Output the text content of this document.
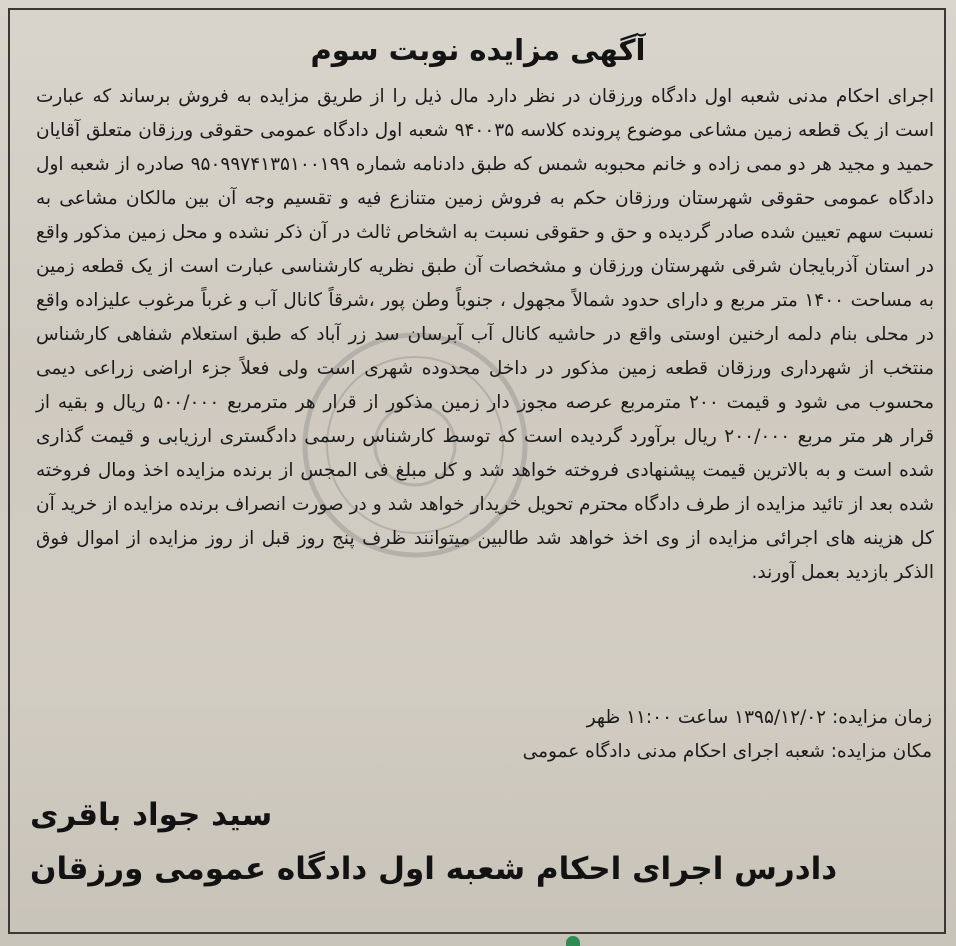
آگهی مزایده نوبت سوم

اجرای احکام مدنی شعبه اول دادگاه ورزقان در نظر دارد مال ذیل را از طریق مزایده به فروش برساند که عبارت است از یک قطعه زمین مشاعی موضوع پرونده کلاسه ۹۴۰۰۳۵ شعبه اول دادگاه عمومی حقوقی ورزقان متعلق آقایان حمید و مجید هر دو ممی زاده و خانم محبوبه شمس که طبق دادنامه شماره ۹۵۰۹۹۷۴۱۳۵۱۰۰۱۹۹ صادره از شعبه اول دادگاه عمومی حقوقی شهرستان ورزقان حکم به فروش زمین متنازع فیه و تقسیم وجه آن بین مالکان مشاعی به نسبت سهم تعیین شده صادر گردیده و حق و حقوقی نسبت به اشخاص ثالث در آن ذکر نشده و محل زمین مذکور واقع در استان آذربایجان شرقی شهرستان ورزقان و مشخصات آن طبق نظریه کارشناسی عبارت است از یک قطعه زمین به مساحت ۱۴۰۰ متر مربع و دارای حدود شمالاً مجهول ، جنوباً وطن پور ،شرقاً کانال آب و غرباً مرغوب علیزاده واقع در محلی بنام دلمه ارخنین اوستی واقع در حاشیه کانال آب آبرسان سد زر آباد که طبق استعلام شفاهی کارشناس منتخب از شهرداری ورزقان قطعه زمین مذکور در داخل محدوده شهری است ولی فعلاً جزء اراضی زراعی دیمی محسوب می شود و قیمت ۲۰۰ مترمربع عرصه مجوز دار زمین مذکور از قرار هر مترمربع ۵۰۰/۰۰۰ ریال و بقیه از قرار هر متر مربع ۲۰۰/۰۰۰ ریال برآورد گردیده است که توسط کارشناس رسمی دادگستری ارزیابی و قیمت گذاری شده است و به بالاترین قیمت پیشنهادی فروخته خواهد شد و کل مبلغ فی المجس از برنده مزایده اخذ ومال فروخته شده بعد از تائید مزایده از طرف دادگاه محترم تحویل خریدار خواهد شد و در صورت انصراف برنده مزایده از خرید آن کل هزینه های اجرائی مزایده از وی اخذ خواهد شد طالبین میتوانند ظرف پنج روز قبل از روز مزایده از اموال فوق الذکر بازدید بعمل آورند.

زمان مزایده: ۱۳۹۵/۱۲/۰۲ ساعت ۱۱:۰۰ ظهر

مکان مزایده: شعبه اجرای احکام مدنی دادگاه عمومی

سید جواد باقری

دادرس اجرای احکام شعبه اول دادگاه عمومی ورزقان
